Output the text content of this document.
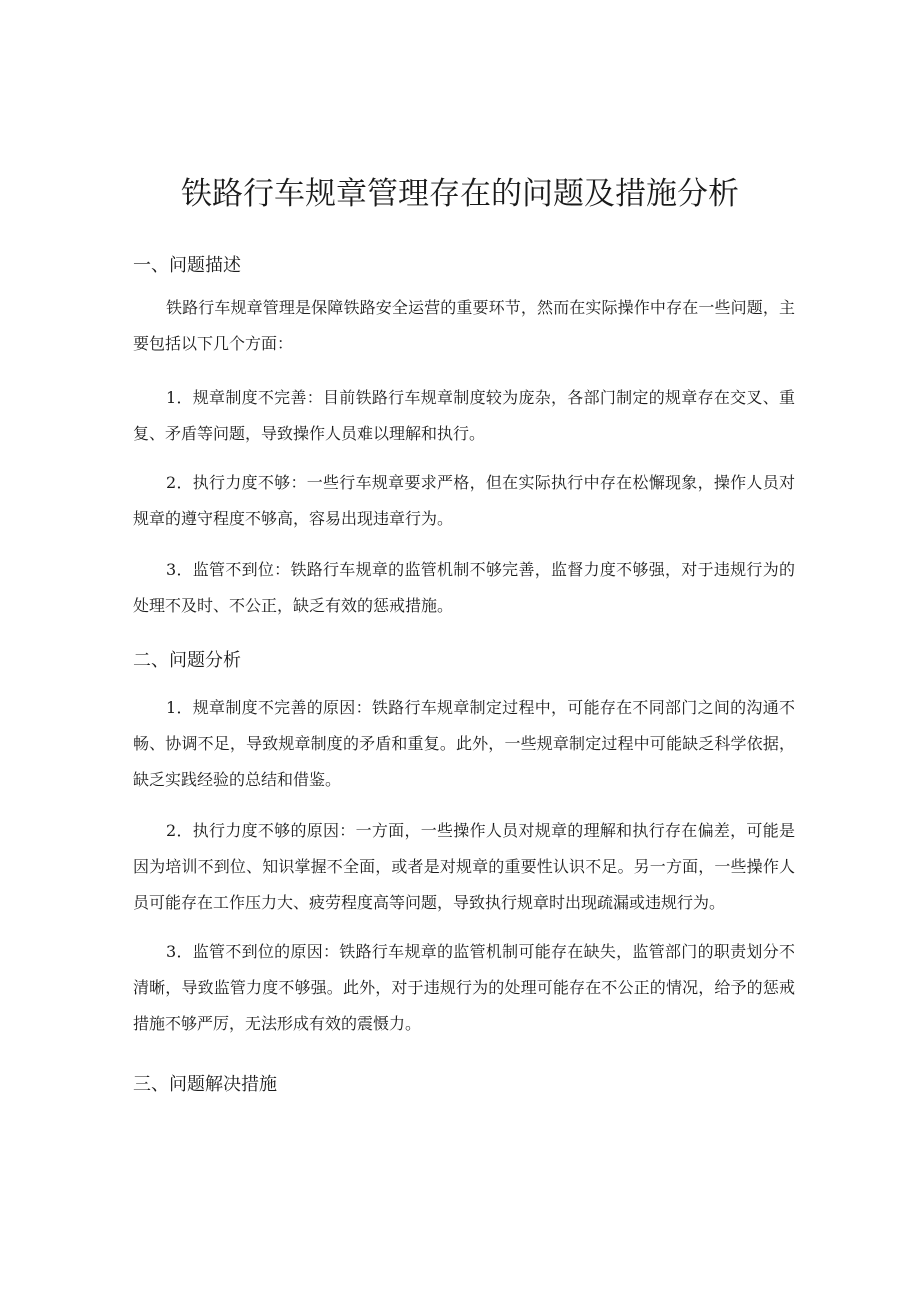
铁路行车规章管理存在的问题及措施分析
一、问题描述

铁路行车规章管理是保障铁路安全运营的重要环节，然而在实际操作中存在一些问题，主要包括以下几个方面：

1．规章制度不完善：目前铁路行车规章制度较为庞杂，各部门制定的规章存在交叉、重复、矛盾等问题，导致操作人员难以理解和执行。

2．执行力度不够：一些行车规章要求严格，但在实际执行中存在松懈现象，操作人员对规章的遵守程度不够高，容易出现违章行为。

3．监管不到位：铁路行车规章的监管机制不够完善，监督力度不够强，对于违规行为的处理不及时、不公正，缺乏有效的惩戒措施。

二、问题分析

1．规章制度不完善的原因：铁路行车规章制定过程中，可能存在不同部门之间的沟通不畅、协调不足，导致规章制度的矛盾和重复。此外，一些规章制定过程中可能缺乏科学依据，缺乏实践经验的总结和借鉴。

2．执行力度不够的原因：一方面，一些操作人员对规章的理解和执行存在偏差，可能是因为培训不到位、知识掌握不全面，或者是对规章的重要性认识不足。另一方面，一些操作人员可能存在工作压力大、疲劳程度高等问题，导致执行规章时出现疏漏或违规行为。

3．监管不到位的原因：铁路行车规章的监管机制可能存在缺失，监管部门的职责划分不清晰，导致监管力度不够强。此外，对于违规行为的处理可能存在不公正的情况，给予的惩戒措施不够严厉，无法形成有效的震慑力。

三、问题解决措施
